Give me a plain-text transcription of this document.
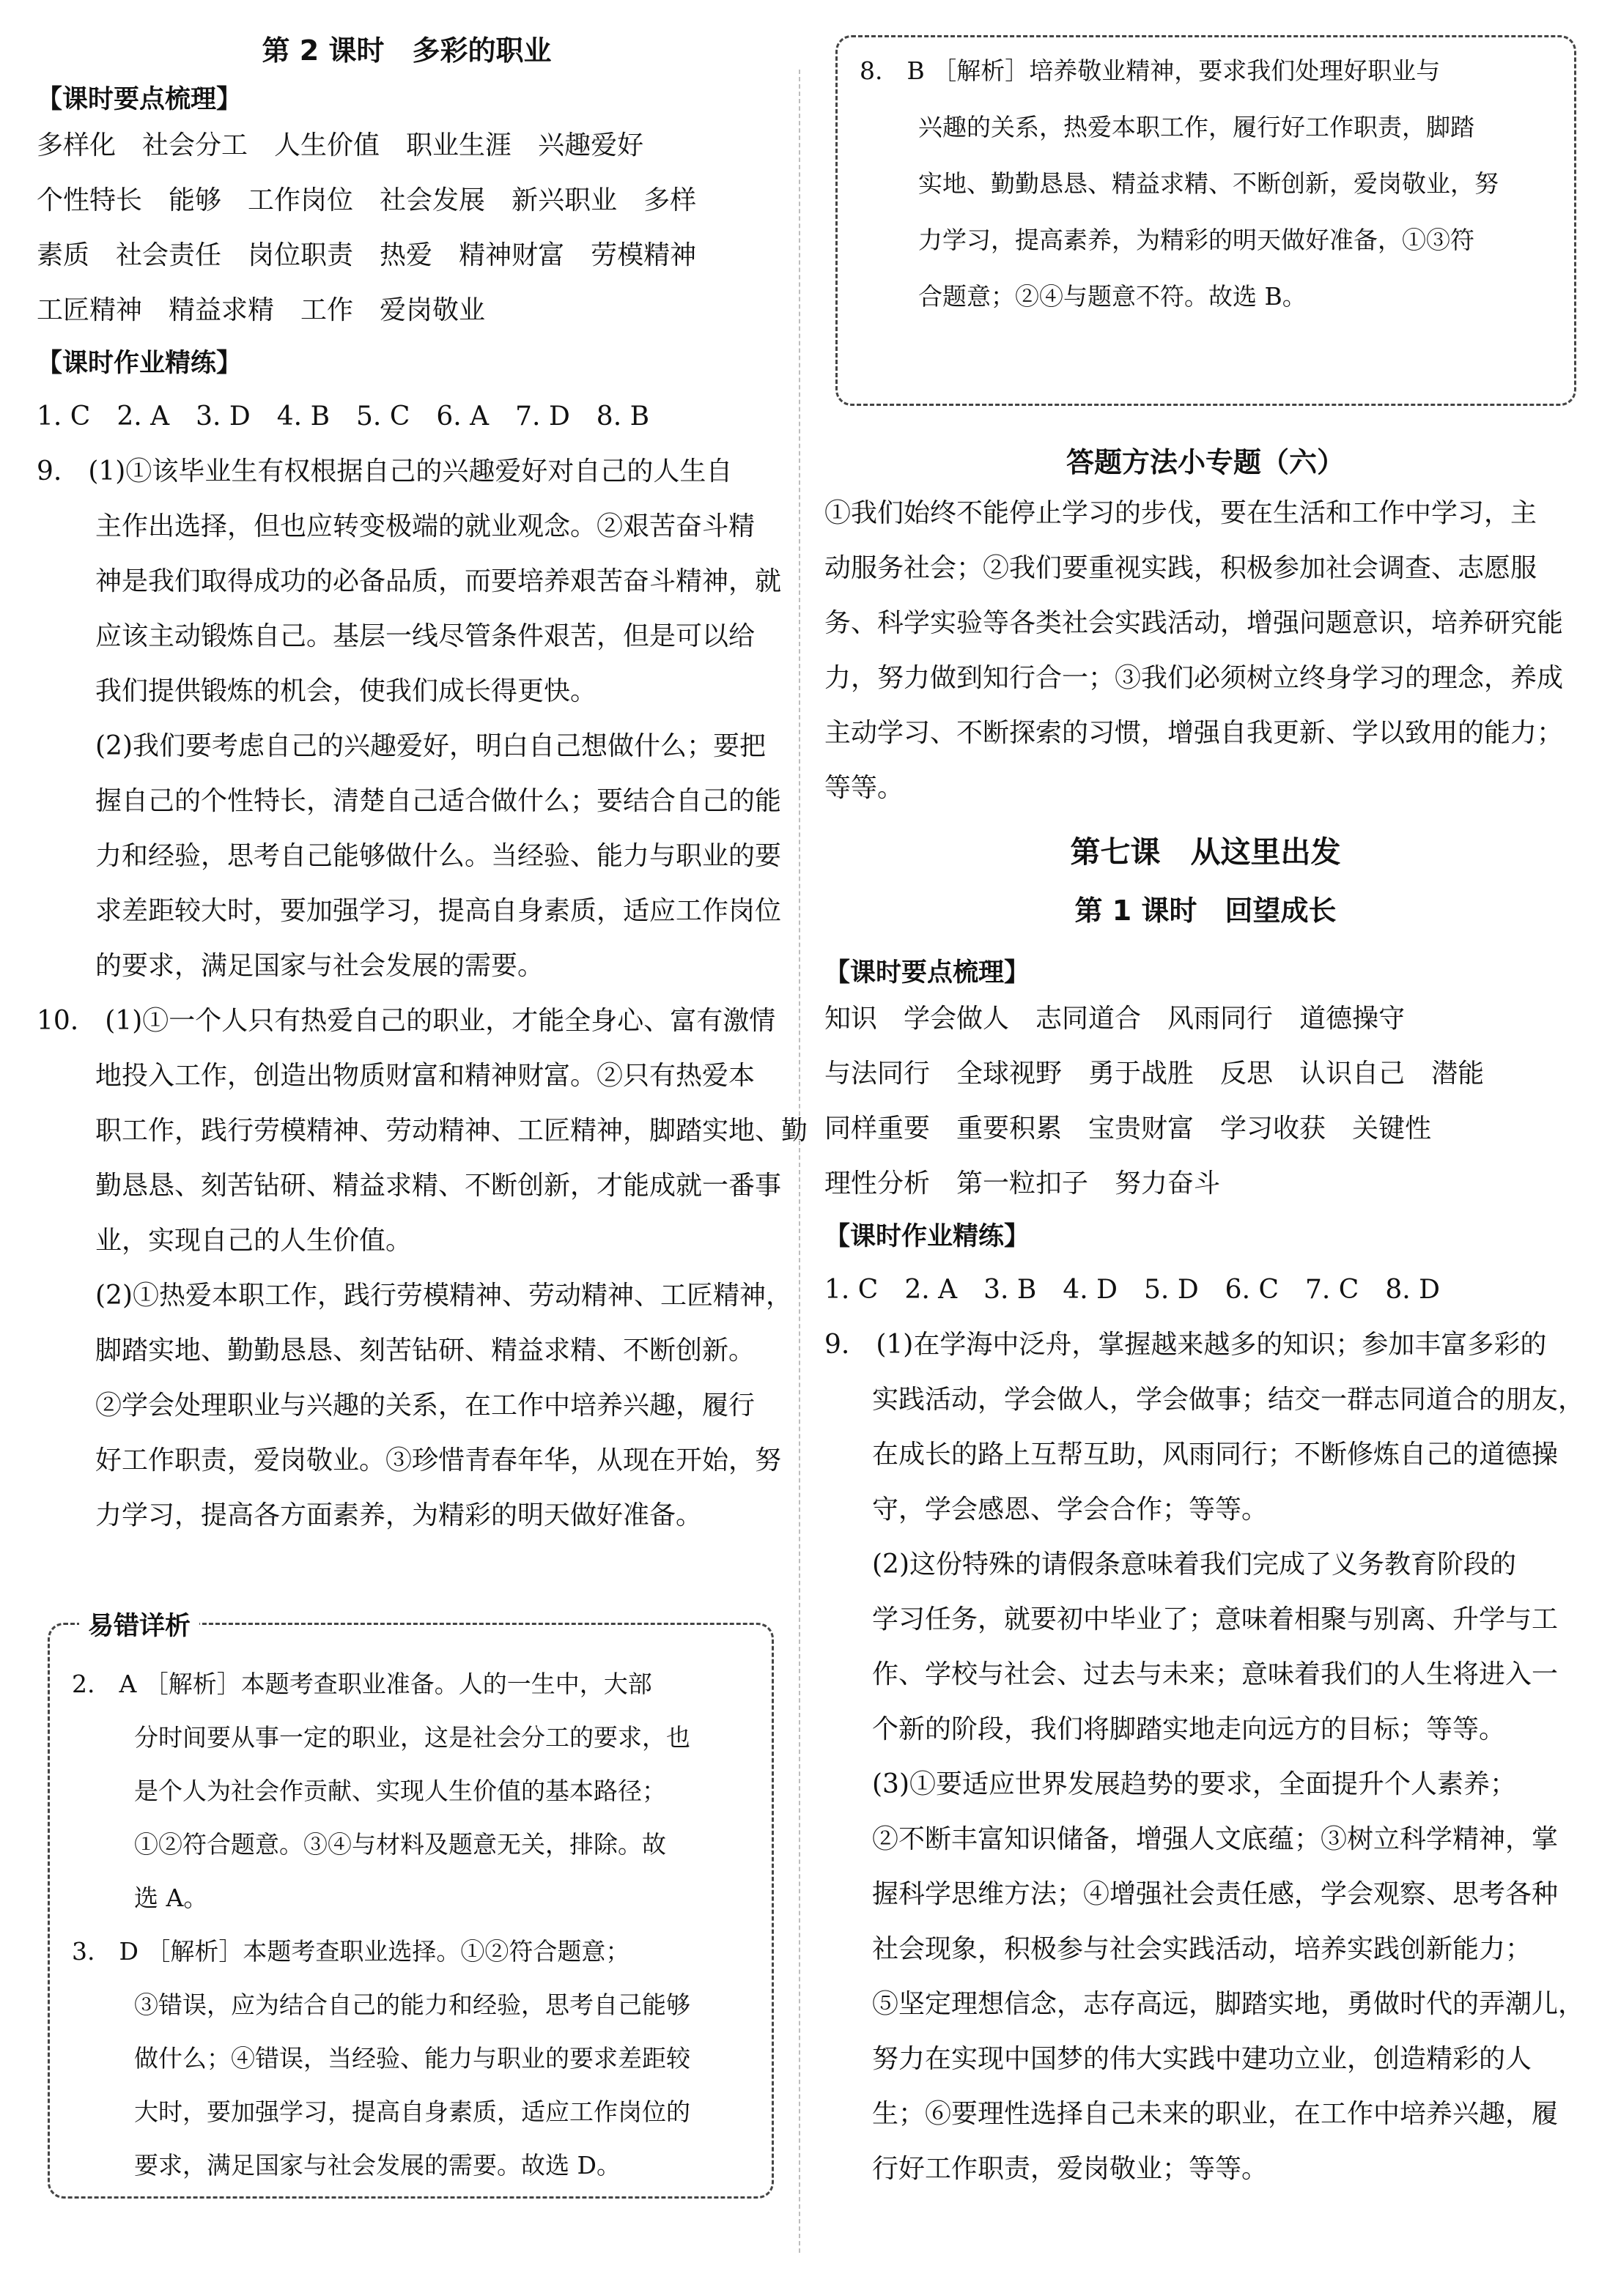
第 2 课时　多彩的职业
【课时要点梳理】
多样化 社会分工 人生价值 职业生涯 兴趣爱好
个性特长 能够 工作岗位 社会发展 新兴职业 多样
素质 社会责任 岗位职责 热爱 精神财富 劳模精神
工匠精神 精益求精 工作 爱岗敬业
【课时作业精练】
1. C　2. A　3. D　4. B　5. C　6. A　7. D　8. B
9.　(1)①该毕业生有权根据自己的兴趣爱好对自己的人生自
主作出选择，但也应转变极端的就业观念。②艰苦奋斗精
神是我们取得成功的必备品质，而要培养艰苦奋斗精神，就
应该主动锻炼自己。基层一线尽管条件艰苦，但是可以给
我们提供锻炼的机会，使我们成长得更快。
(2)我们要考虑自己的兴趣爱好，明白自己想做什么；要把
握自己的个性特长，清楚自己适合做什么；要结合自己的能
力和经验，思考自己能够做什么。当经验、能力与职业的要
求差距较大时，要加强学习，提高自身素质，适应工作岗位
的要求，满足国家与社会发展的需要。
10.　(1)①一个人只有热爱自己的职业，才能全身心、富有激情
地投入工作，创造出物质财富和精神财富。②只有热爱本
职工作，践行劳模精神、劳动精神、工匠精神，脚踏实地、勤
勤恳恳、刻苦钻研、精益求精、不断创新，才能成就一番事
业，实现自己的人生价值。
(2)①热爱本职工作，践行劳模精神、劳动精神、工匠精神，
脚踏实地、勤勤恳恳、刻苦钻研、精益求精、不断创新。
②学会处理职业与兴趣的关系，在工作中培养兴趣，履行
好工作职责，爱岗敬业。③珍惜青春年华，从现在开始，努
力学习，提高各方面素养，为精彩的明天做好准备。
易错详析
2.　A ［解析］本题考查职业准备。人的一生中，大部
分时间要从事一定的职业，这是社会分工的要求，也
是个人为社会作贡献、实现人生价值的基本路径；
①②符合题意。③④与材料及题意无关，排除。故
选 A。
3.　D ［解析］本题考查职业选择。①②符合题意；
③错误，应为结合自己的能力和经验，思考自己能够
做什么；④错误，当经验、能力与职业的要求差距较
大时，要加强学习，提高自身素质，适应工作岗位的
要求，满足国家与社会发展的需要。故选 D。
8.　B ［解析］培养敬业精神，要求我们处理好职业与
兴趣的关系，热爱本职工作，履行好工作职责，脚踏
实地、勤勤恳恳、精益求精、不断创新，爱岗敬业，努
力学习，提高素养，为精彩的明天做好准备，①③符
合题意；②④与题意不符。故选 B。
答题方法小专题（六）
①我们始终不能停止学习的步伐，要在生活和工作中学习，主
动服务社会；②我们要重视实践，积极参加社会调查、志愿服
务、科学实验等各类社会实践活动，增强问题意识，培养研究能
力，努力做到知行合一；③我们必须树立终身学习的理念，养成
主动学习、不断探索的习惯，增强自我更新、学以致用的能力；
等等。
第七课　从这里出发
第 1 课时　回望成长
【课时要点梳理】
知识 学会做人 志同道合 风雨同行 道德操守
与法同行 全球视野 勇于战胜 反思 认识自己 潜能
同样重要 重要积累 宝贵财富 学习收获 关键性
理性分析 第一粒扣子 努力奋斗
【课时作业精练】
1. C　2. A　3. B　4. D　5. D　6. C　7. C　8. D
9.　(1)在学海中泛舟，掌握越来越多的知识；参加丰富多彩的
实践活动，学会做人，学会做事；结交一群志同道合的朋友，
在成长的路上互帮互助，风雨同行；不断修炼自己的道德操
守，学会感恩、学会合作；等等。
(2)这份特殊的请假条意味着我们完成了义务教育阶段的
学习任务，就要初中毕业了；意味着相聚与别离、升学与工
作、学校与社会、过去与未来；意味着我们的人生将进入一
个新的阶段，我们将脚踏实地走向远方的目标；等等。
(3)①要适应世界发展趋势的要求，全面提升个人素养；
②不断丰富知识储备，增强人文底蕴；③树立科学精神，掌
握科学思维方法；④增强社会责任感，学会观察、思考各种
社会现象，积极参与社会实践活动，培养实践创新能力；
⑤坚定理想信念，志存高远，脚踏实地，勇做时代的弄潮儿，
努力在实现中国梦的伟大实践中建功立业，创造精彩的人
生；⑥要理性选择自己未来的职业，在工作中培养兴趣，履
行好工作职责，爱岗敬业；等等。
